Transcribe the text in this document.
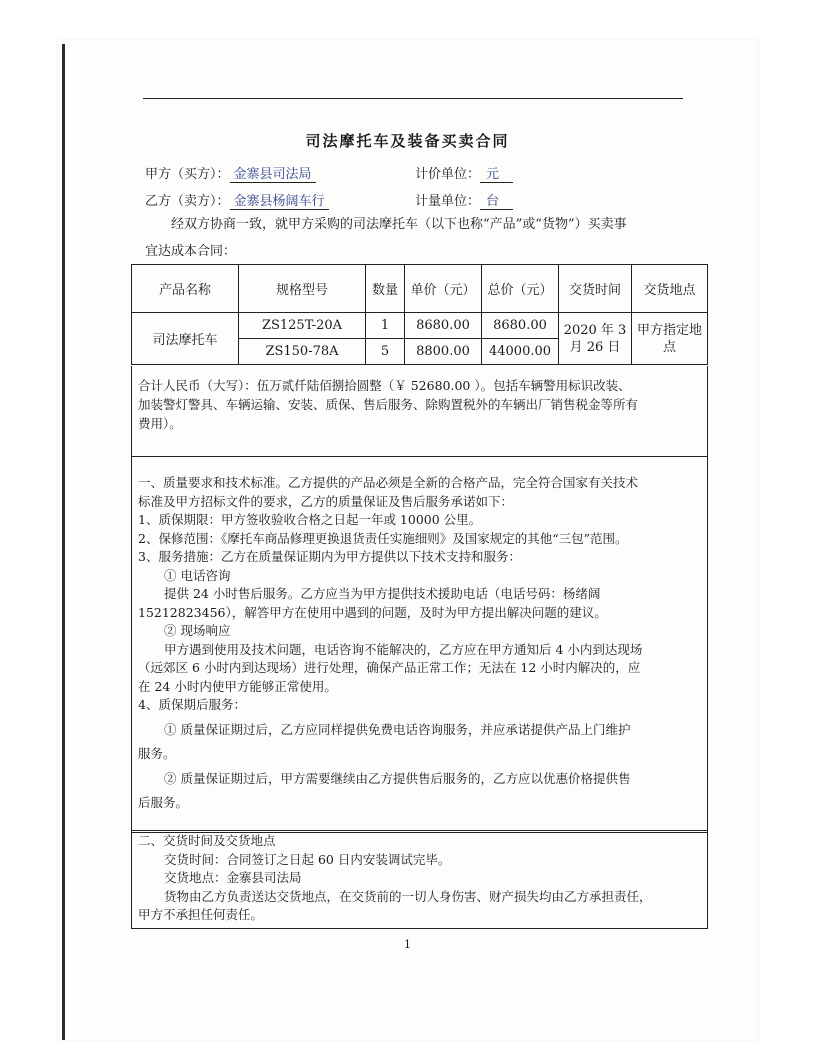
司法摩托车及装备买卖合同
甲方（买方）： 金寨县司法局	计价单位： 元
乙方（卖方）： 金寨县杨阔车行	计量单位： 台
经双方协商一致，就甲方采购的司法摩托车（以下也称“产品”或“货物”）买卖事
宜达成本合同：
产品名称	规格型号	数量	单价（元）	总价（元）	交货时间	交货地点
司法摩托车	ZS125T-20A	1	8680.00	8680.00	2020 年 3 月 26 日	甲方指定地点
	ZS150-78A	5	8800.00	44000.00		

合计人民币（大写）：伍万贰仟陆佰捌拾圆整（￥ 52680.00 ）。包括车辆警用标识改装、

加装警灯警具、车辆运输、安装、质保、售后服务、除购置税外的车辆出厂销售税金等所有

费用）。

一、质量要求和技术标准。乙方提供的产品必须是全新的合格产品，完全符合国家有关技术

标准及甲方招标文件的要求，乙方的质量保证及售后服务承诺如下：

1、质保期限：甲方签收验收合格之日起一年或 10000 公里。

2、保修范围：《摩托车商品修理更换退货责任实施细则》及国家规定的其他“三包”范围。

3、服务措施：乙方在质量保证期内为甲方提供以下技术支持和服务：

① 电话咨询

提供 24 小时售后服务。乙方应当为甲方提供技术援助电话（电话号码：杨绪阔

15212823456），解答甲方在使用中遇到的问题，及时为甲方提出解决问题的建议。

② 现场响应

甲方遇到使用及技术问题，电话咨询不能解决的，乙方应在甲方通知后 4 小内到达现场

（远郊区 6 小时内到达现场）进行处理，确保产品正常工作；无法在 12 小时内解决的，应

在 24 小时内使甲方能够正常使用。

4、质保期后服务：

① 质量保证期过后，乙方应同样提供免费电话咨询服务，并应承诺提供产品上门维护

服务。

② 质量保证期过后，甲方需要继续由乙方提供售后服务的，乙方应以优惠价格提供售

后服务。

二、交货时间及交货地点

交货时间：合同签订之日起 60 日内安装调试完毕。

交货地点：金寨县司法局

货物由乙方负责送达交货地点，在交货前的一切人身伤害、财产损失均由乙方承担责任，

甲方不承担任何责任。

1
